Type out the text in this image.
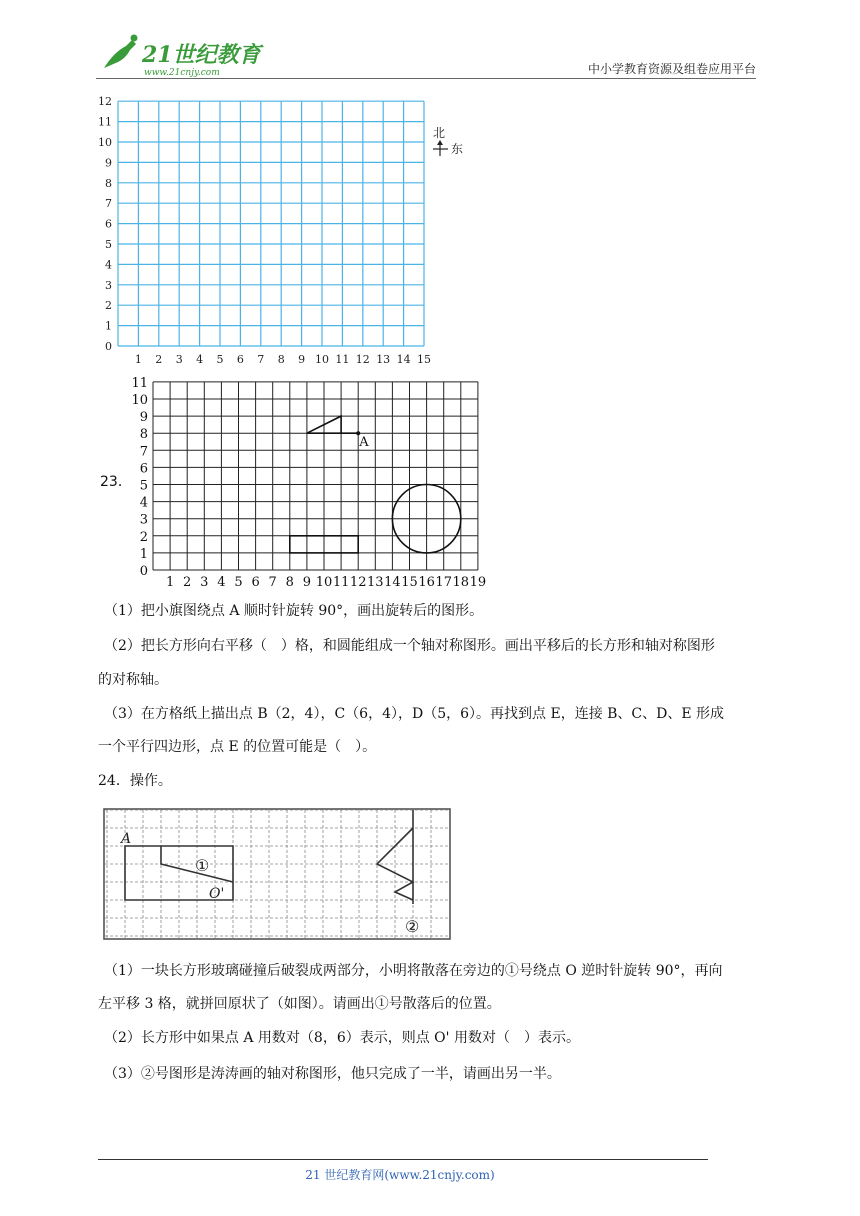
21世纪教育
www.21cnjy.com	中小学教育资源及组卷应用平台
1 2 3 4 5 6 7 8 9 10 11 12 13 14 15
0
1
2
3
4
5
6
7
8
9
10
11
12
北
东
23．
1 2 3 4 5 6 7 8 9 10 11 12 13 14 15 16 17 18 19
0
1
2
3
4
5
6
7
8
9
10
11
A
（1）把小旗图绕点 A 顺时针旋转 90°，画出旋转后的图形。
（2）把长方形向右平移（　）格，和圆能组成一个轴对称图形。画出平移后的长方形和轴对称图形
的对称轴。
（3）在方格纸上描出点 B（2，4），C（6，4），D（5，6）。再找到点 E，连接 B、C、D、E 形成
一个平行四边形，点 E 的位置可能是（　）。
24．操作。
A
①
O'
②
（1）一块长方形玻璃碰撞后破裂成两部分，小明将散落在旁边的①号绕点 O 逆时针旋转 90°，再向
左平移 3 格，就拼回原状了（如图）。请画出①号散落后的位置。
（2）长方形中如果点 A 用数对（8，6）表示，则点 O' 用数对（　）表示。
（3）②号图形是涛涛画的轴对称图形，他只完成了一半，请画出另一半。
21 世纪教育网(www.21cnjy.com)
